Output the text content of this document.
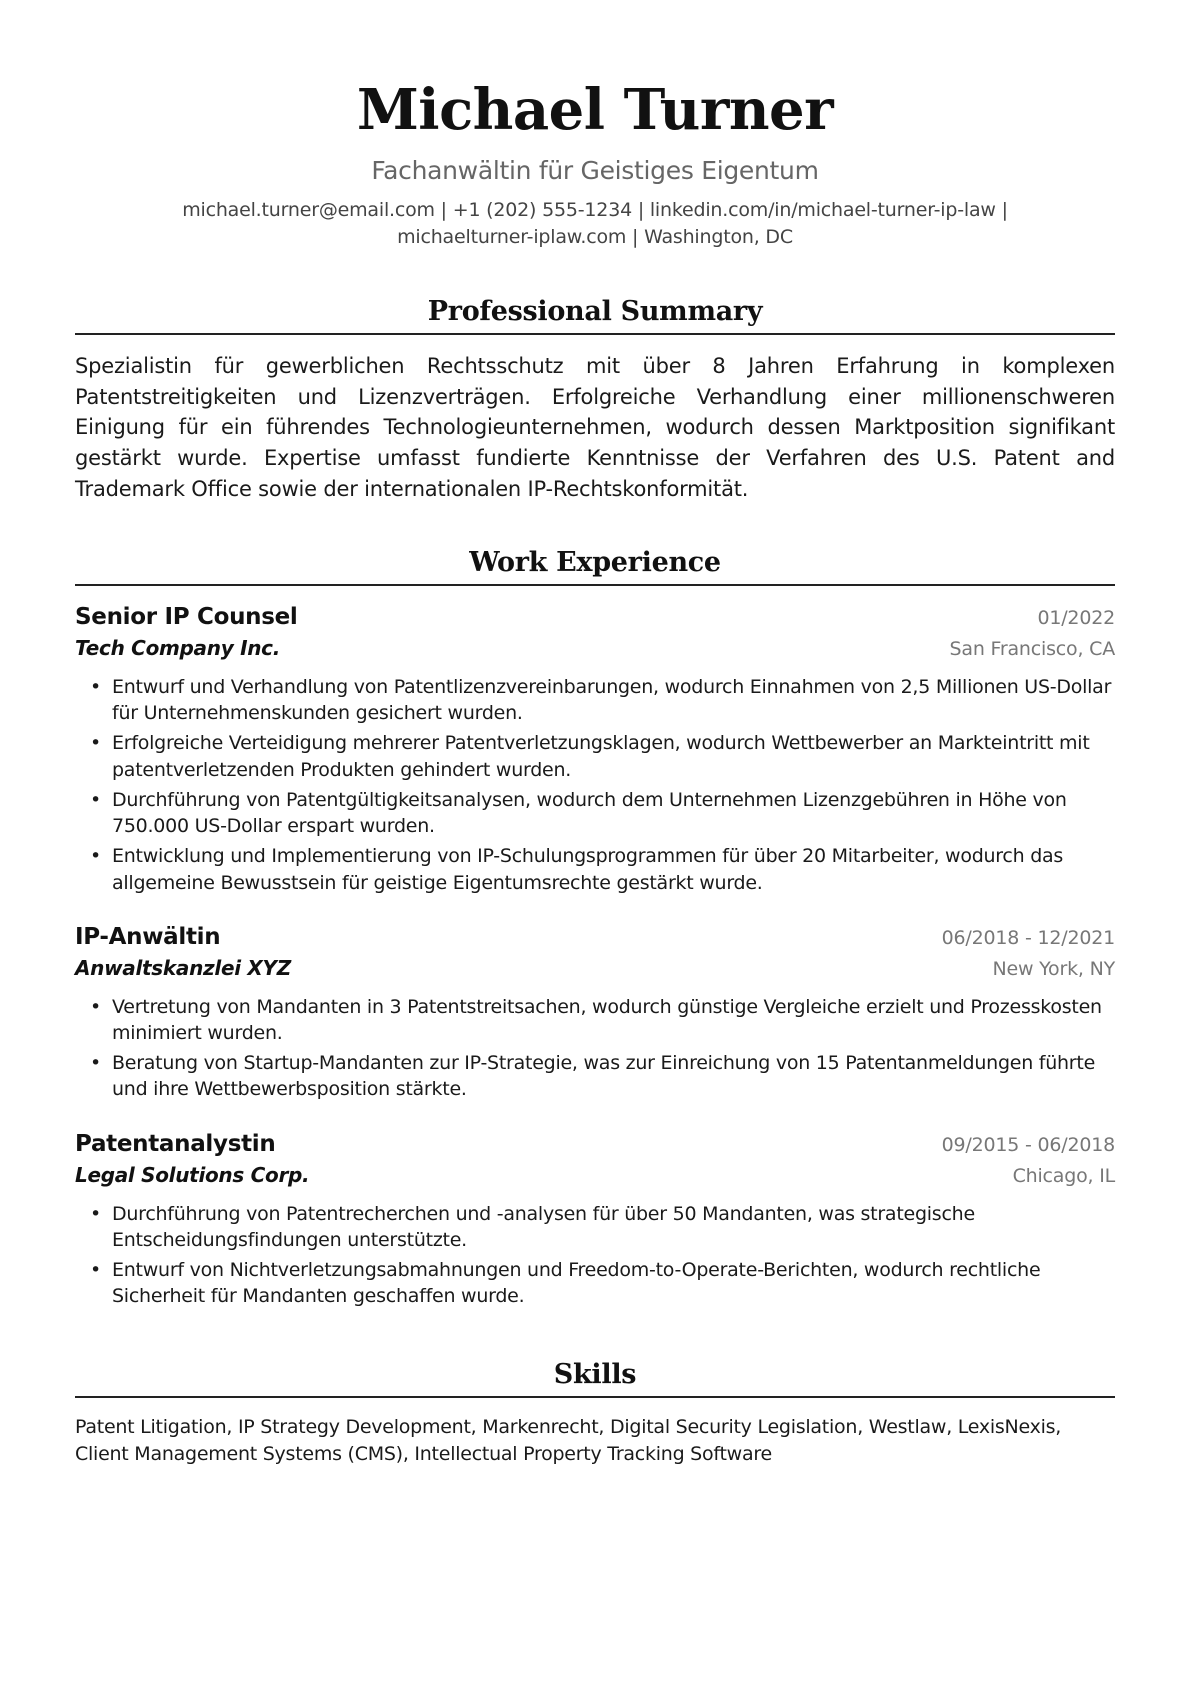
Michael Turner
Fachanwältin für Geistiges Eigentum
michael.turner@email.com | +1 (202) 555-1234 | linkedin.com/in/michael-turner-ip-law |
michaelturner-iplaw.com | Washington, DC
Professional Summary
Spezialistin für gewerblichen Rechtsschutz mit über 8 Jahren Erfahrung in komplexen Patentstreitigkeiten und Lizenzverträgen. Erfolgreiche Verhandlung einer millionenschweren Einigung für ein führendes Technologieunternehmen, wodurch dessen Marktposition signifikant gestärkt wurde. Expertise umfasst fundierte Kenntnisse der Verfahren des U.S. Patent and Trademark Office sowie der internationalen IP-Rechtskonformität.
Work Experience
Senior IP Counsel	01/2022
Tech Company Inc.	San Francisco, CA
• Entwurf und Verhandlung von Patentlizenzvereinbarungen, wodurch Einnahmen von 2,5 Millionen US-Dollar für Unternehmenskunden gesichert wurden.
• Erfolgreiche Verteidigung mehrerer Patentverletzungsklagen, wodurch Wettbewerber an Markteintritt mit patentverletzenden Produkten gehindert wurden.
• Durchführung von Patentgültigkeitsanalysen, wodurch dem Unternehmen Lizenzgebühren in Höhe von 750.000 US-Dollar erspart wurden.
• Entwicklung und Implementierung von IP-Schulungsprogrammen für über 20 Mitarbeiter, wodurch das allgemeine Bewusstsein für geistige Eigentumsrechte gestärkt wurde.
IP-Anwältin	06/2018 - 12/2021
Anwaltskanzlei XYZ	New York, NY
• Vertretung von Mandanten in 3 Patentstreitsachen, wodurch günstige Vergleiche erzielt und Prozesskosten minimiert wurden.
• Beratung von Startup-Mandanten zur IP-Strategie, was zur Einreichung von 15 Patentanmeldungen führte und ihre Wettbewerbsposition stärkte.
Patentanalystin	09/2015 - 06/2018
Legal Solutions Corp.	Chicago, IL
• Durchführung von Patentrecherchen und -analysen für über 50 Mandanten, was strategische Entscheidungsfindungen unterstützte.
• Entwurf von Nichtverletzungsabmahnungen und Freedom-to-Operate-Berichten, wodurch rechtliche Sicherheit für Mandanten geschaffen wurde.
Skills
Patent Litigation, IP Strategy Development, Markenrecht, Digital Security Legislation, Westlaw, LexisNexis, Client Management Systems (CMS), Intellectual Property Tracking Software
